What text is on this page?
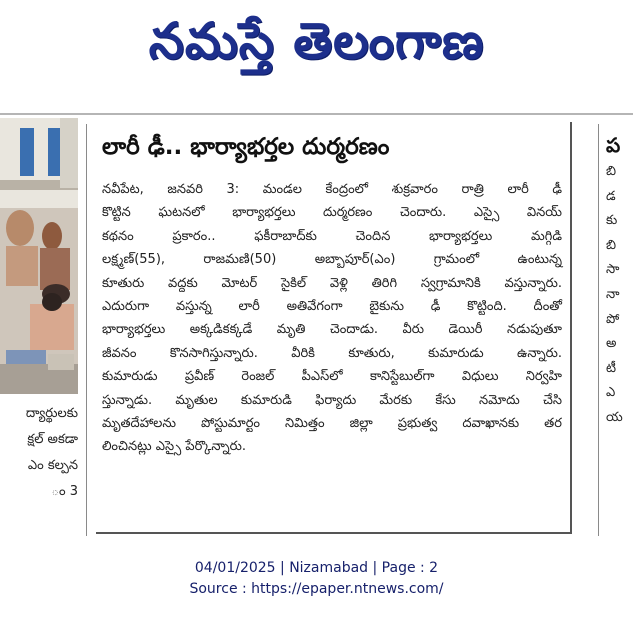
నమస్తే తెలంగాణ
ద్యార్థులకు
క్షల్ అకడా
ఎం కల్పన
ం 3
లారీ ఢీ.. భార్యాభర్తల దుర్మరణం
నవీపేట, జనవరి 3: మండల కేంద్రంలో శుక్రవారం రాత్రి లారీ ఢీ
కొట్టిన ఘటనలో భార్యాభర్తలు దుర్మరణం చెందారు. ఎస్సై వినయ్
కథనం ప్రకారం.. ఫకీరాబాద్‌కు చెందిన భార్యాభర్తలు మగ్గిడి
లక్ష్మణ్(55), రాజమణి(50) అబ్బాపూర్(ఎం) గ్రామంలో ఉంటున్న
కూతురు వద్దకు మోటర్ సైకిల్ వెళ్లి తిరిగి స్వగ్రామానికి వస్తున్నారు.
ఎదురుగా వస్తున్న లారీ అతివేగంగా బైకును ఢీ కొట్టింది. దీంతో
భార్యాభర్తలు అక్కడికక్కడే మృతి చెందాడు. వీరు డెయిరీ నడుపుతూ
జీవనం కొనసాగిస్తున్నారు. వీరికి కూతురు, కుమారుడు ఉన్నారు.
కుమారుడు ప్రవీణ్ రెంజల్ పీఎస్‌లో కానిస్టేబుల్‌గా విధులు నిర్వహి
స్తున్నాడు. మృతుల కుమారుడి ఫిర్యాదు మేరకు కేసు నమోదు చేసి
మృతదేహాలను పోస్టుమార్టం నిమిత్తం జిల్లా ప్రభుత్వ దవాఖానకు తర
లించినట్లు ఎస్సై పేర్కొన్నారు.
ప
బి
డ
కు
బి
సా
నా
పో
అ
టీ
ఎ
య
04/01/2025 | Nizamabad | Page : 2
Source : https://epaper.ntnews.com/
